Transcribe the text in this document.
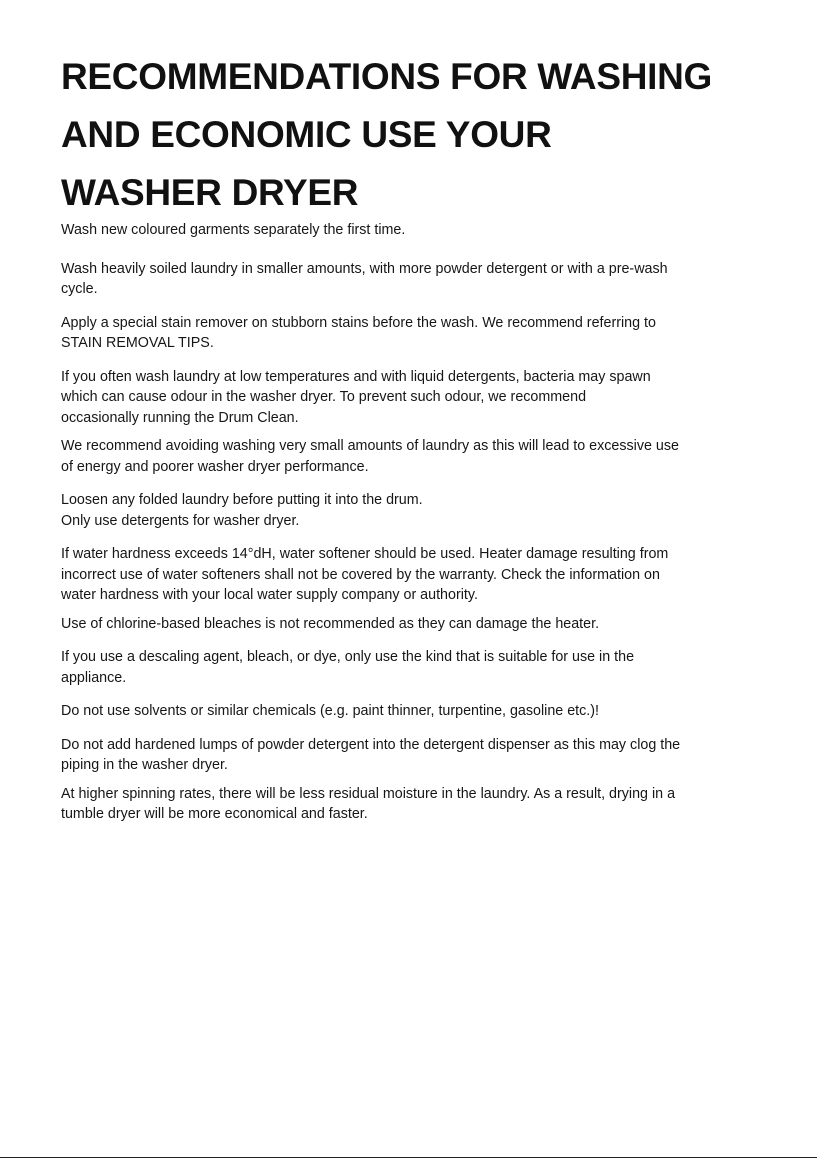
RECOMMENDATIONS FOR WASHING
AND ECONOMIC USE YOUR
WASHER DRYER

Wash new coloured garments separately the first time.

Wash heavily soiled laundry in smaller amounts, with more powder detergent or with a pre-wash
cycle.

Apply a special stain remover on stubborn stains before the wash. We recommend referring to
STAIN REMOVAL TIPS.

If you often wash laundry at low temperatures and with liquid detergents, bacteria may spawn
which can cause odour in the washer dryer. To prevent such odour, we recommend
occasionally running the Drum Clean.

We recommend avoiding washing very small amounts of laundry as this will lead to excessive use
of energy and poorer washer dryer performance.

Loosen any folded laundry before putting it into the drum.
Only use detergents for washer dryer.

If water hardness exceeds 14°dH, water softener should be used. Heater damage resulting from
incorrect use of water softeners shall not be covered by the warranty. Check the information on
water hardness with your local water supply company or authority.

Use of chlorine-based bleaches is not recommended as they can damage the heater.

If you use a descaling agent, bleach, or dye, only use the kind that is suitable for use in the
appliance.

Do not use solvents or similar chemicals (e.g. paint thinner, turpentine, gasoline etc.)!

Do not add hardened lumps of powder detergent into the detergent dispenser as this may clog the
piping in the washer dryer.

At higher spinning rates, there will be less residual moisture in the laundry. As a result, drying in a
tumble dryer will be more economical and faster.
